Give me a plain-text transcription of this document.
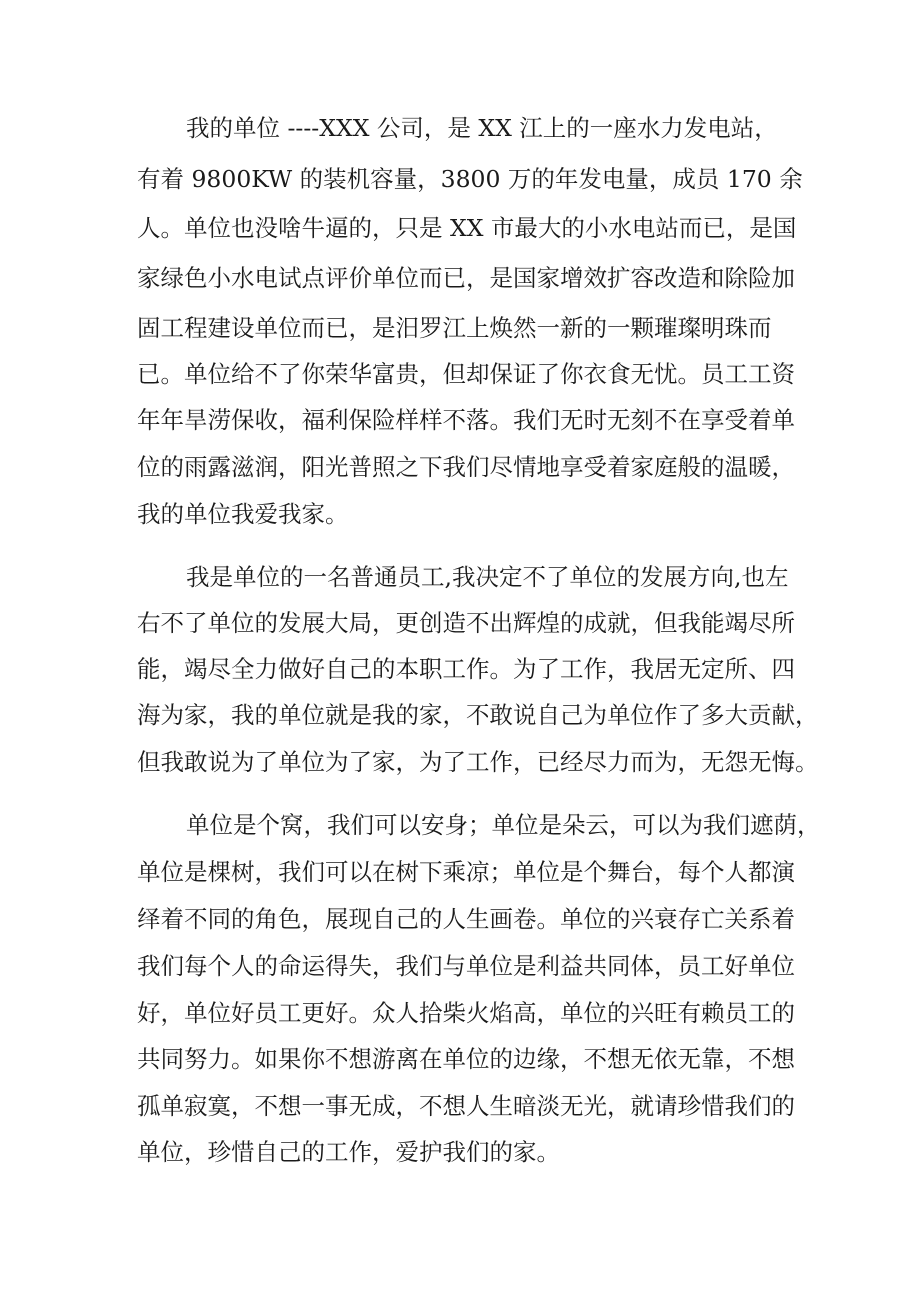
我的单位 ----XXX 公司，是 XX 江上的一座水力发电站，
有着 9800KW 的装机容量，3800 万的年发电量，成员 170 余
人。单位也没啥牛逼的，只是 XX 市最大的小水电站而已，是国
家绿色小水电试点评价单位而已，是国家增效扩容改造和除险加
固工程建设单位而已，是汨罗江上焕然一新的一颗璀璨明珠而
已。单位给不了你荣华富贵，但却保证了你衣食无忧。员工工资
年年旱涝保收，福利保险样样不落。我们无时无刻不在享受着单
位的雨露滋润，阳光普照之下我们尽情地享受着家庭般的温暖，
我的单位我爱我家。
我是单位的一名普通员工,我决定不了单位的发展方向,也左
右不了单位的发展大局，更创造不出辉煌的成就，但我能竭尽所
能，竭尽全力做好自己的本职工作。为了工作，我居无定所、四
海为家，我的单位就是我的家，不敢说自己为单位作了多大贡献，
但我敢说为了单位为了家，为了工作，已经尽力而为，无怨无悔。
单位是个窝，我们可以安身；单位是朵云，可以为我们遮荫，
单位是棵树，我们可以在树下乘凉；单位是个舞台，每个人都演
绎着不同的角色，展现自己的人生画卷。单位的兴衰存亡关系着
我们每个人的命运得失，我们与单位是利益共同体，员工好单位
好，单位好员工更好。众人拾柴火焰高，单位的兴旺有赖员工的
共同努力。如果你不想游离在单位的边缘，不想无依无靠，不想
孤单寂寞，不想一事无成，不想人生暗淡无光，就请珍惜我们的
单位，珍惜自己的工作，爱护我们的家。
